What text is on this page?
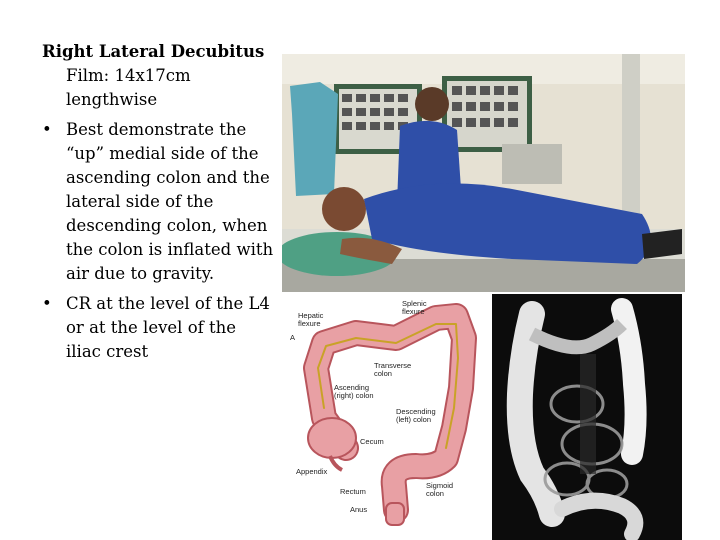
Right Lateral Decubitus

Film: 14x17cm

lengthwise

• Best demonstrate the “up” medial side of the ascending colon and the lateral side of the descending colon, when the colon is inflated with air due to gravity.
• CR at the level of the L4 or at the level of the iliac crest
A
Hepatic
flexure
Splenic
flexure
Transverse
colon
Ascending
(right) colon
Descending
(left) colon
Cecum
Appendix
Sigmoid
colon
Rectum
Anus
